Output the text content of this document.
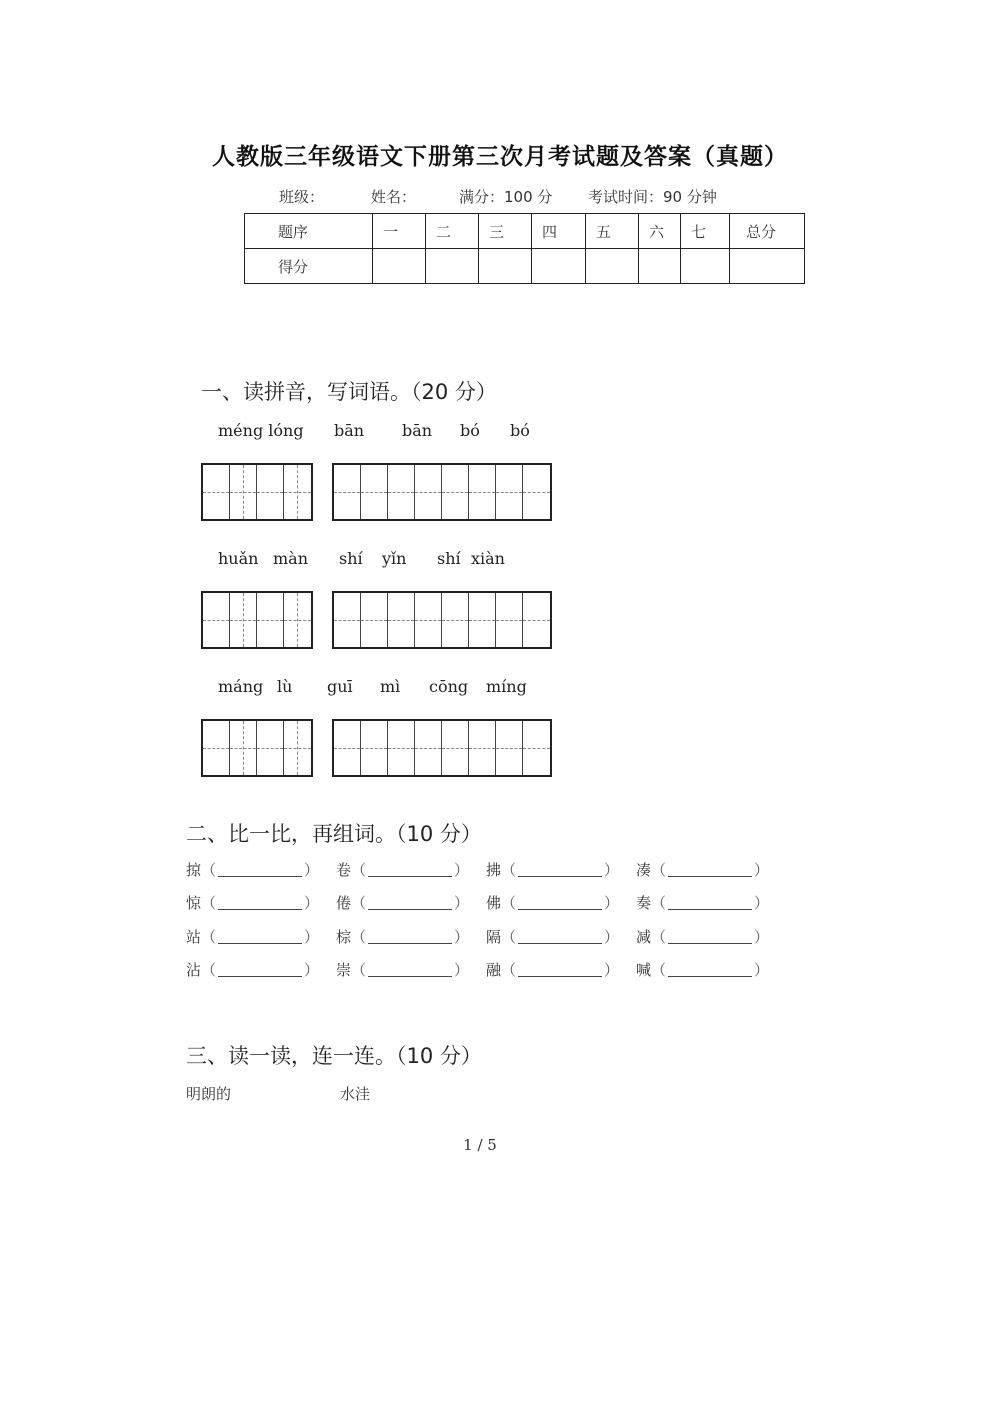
人教版三年级语文下册第三次月考试题及答案（真题）
班级：	姓名：	满分：100 分 考试时间：90 分钟
题序	一	二	三	四	五	六	七	总分
得分								
一、读拼音，写词语。（20 分）
méng lóng bān bān bó bó
huǎn màn shí yǐn shí xiàn
máng lù guī mì cōng míng
二、比一比，再组词。（10 分）
掠 （	） 卷 （	） 拂 （	） 凑 （	）
惊 （	） 倦 （	） 佛 （	） 奏 （	）
站 （	） 棕 （	） 隔 （	） 减 （	）
沾 （	） 崇 （	） 融 （	） 喊 （	）
三、读一读，连一连。（10 分）
明朗的	水洼
1 / 5
